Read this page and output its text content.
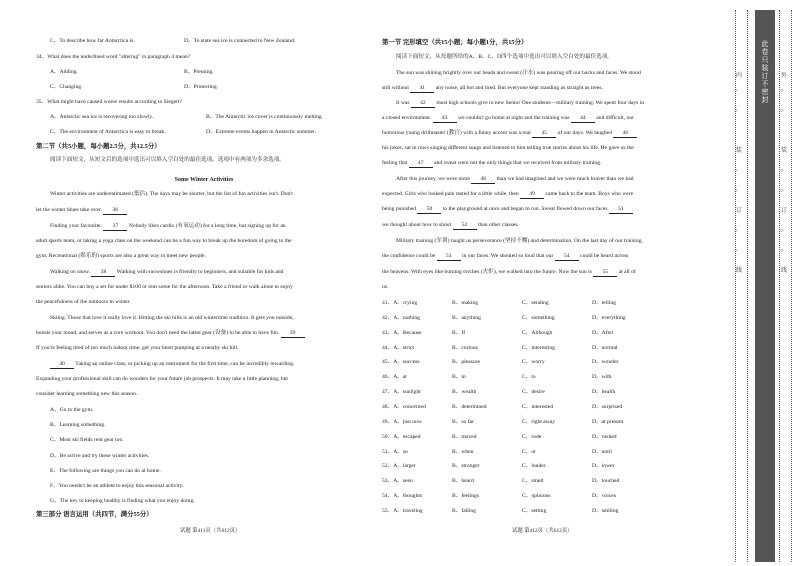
C、To describe how far Antarctica is.	D、To state sea ice is connected to New Zealand.
34、What does the underlined word "altering" in paragraph 4 mean?
A、Adding.	B、Pressing.
C、Changing.	D、Protecting.
35、What might have caused worse results according to Siegert?
A、Antarctic sea ice is recovering too slowly.	B、The Antarctic ice cover is continuously melting.
C、The environment of Antarctica is easy to break.	D、Extreme events happen in Antarctic summer.
第二节（共5小题，每小题2.5分，共12.5分）
阅读下面短文，从短文后的选项中选出可以填入空白处的最佳选项。选项中有两项为多余选项。
Some Winter Activities
Winter activities are underestimated (低估). The days may be shorter, but the list of fun activities isn't. Don't
let the winter blues take over. 36
Finding your favourite. 37 Nobody likes cardio (有氧运动) for a long time, but signing up for an
adult sports team, or taking a yoga class on the weekend can be a fun way to break up the boredom of going to the
gym. Recreational (娱乐的) sports are also a great way to meet new people.
Walking on snow. 38 Walking with snowshoes is friendly to beginners, and suitable for kids and
seniors alike. You can buy a set for under $100 or rent some for the afternoon. Take a friend or walk alone to enjoy
the peacefulness of the outdoors in winter.
Skiing. Those that love it really love it. Hitting the ski hills is an old wintertime tradition. It gets you outside,
boosts your mood, and serves as a core workout. You don't need the latest gear (设备) to be able to have fun. 39
If you're feeling tired of too much indoor time, get your heart pumping at a nearby ski hill.
40 Taking an online class, or picking up an instrument for the first time, can be incredibly rewarding.
Expanding your professional skill can do wonders for your future job prospects. It may take a little planning, but
consider learning something new this season.
A、Go to the gym.
B、Learning something.
C、Most ski fields rent gear too.
D、Be active and try these winter activities.
E、The following are things you can do at home.
F、You needn't be an athlete to enjoy this seasonal activity.
G、The key to keeping healthy is finding what you enjoy doing.
第三部分 语言运用（共四节，满分55分）
试题 第411页（共612页）
第一节 完形填空（共15小题；每小题1分，共15分）
阅读下面短文，从每题所给的A、B、C、D四个选项中选出可以填入空白处的最佳选项。
The sun was shining brightly over our heads and sweat (汗水) was pouring off our backs and faces. We stood
still without 41 any noise, all hot and tired. But everyone kept standing as straight as trees.
It was 42 most high schools give to new Senior One students—military training. We spent four days in
a closed environment. 43 we couldn't go home at night and the training was 44 and difficult, our
humorous young drillmaster (教官) with a funny accent was a real 45 of our days. We laughed 46
his jokes, sat in rows singing different songs and listened to him telling true stories about his life. He gave us the
feeling that 47 and sweat were not the only things that we received from military training.
After this journey, we were more 48 than we had imagined and we were much braver than we had
expected. Girls who looked pale rested for a little while, then 49 came back to the team. Boys who were
being punished 50 to the playground at once and began to run. Sweat flowed down our faces 51
we thought about how to shout 52 than other classes.
Military training (军训) taught us perseverance (坚持不懈) and determination. On the last day of our training,
the confidence could be 53 in our faces. We shouted so loud that our 54 could be heard across
the heavens. With eyes like burning torches (火炬), we walked into the future. Now the sun is 55 at all of
us.
41、A、crying	B、making	C、sending	D、telling
42、A、nothing	B、anything	C、something	D、everything
43、A、Because	B、If	C、Although	D、After
44、A、strict	B、curious	C、interesting	D、normal
45、A、success	B、pleasure	C、worry	D、wonder
46、A、at	B、in	C、to	D、with
47、A、sunlight	B、wealth	C、desire	D、health
48、A、concerned	B、determined	C、interested	D、surprised
49、A、just now	B、so far	C、right away	D、at present
50、A、escaped	B、moved	C、rode	D、rushed
51、A、so	B、when	C、or	D、until
52、A、larger	B、stronger	C、louder	D、lower
53、A、seen	B、heard	C、smelt	D、touched
54、A、thoughts	B、feelings	C、opinions	D、voices
55、A、traveling	B、falling	C、setting	D、smiling
试题 第412页（共612页）
此
卷
只
装
订
不
密
封
内
装
订
线
外
装
订
线
○
○
○
○
○
○
○
○
○
○
○
○
